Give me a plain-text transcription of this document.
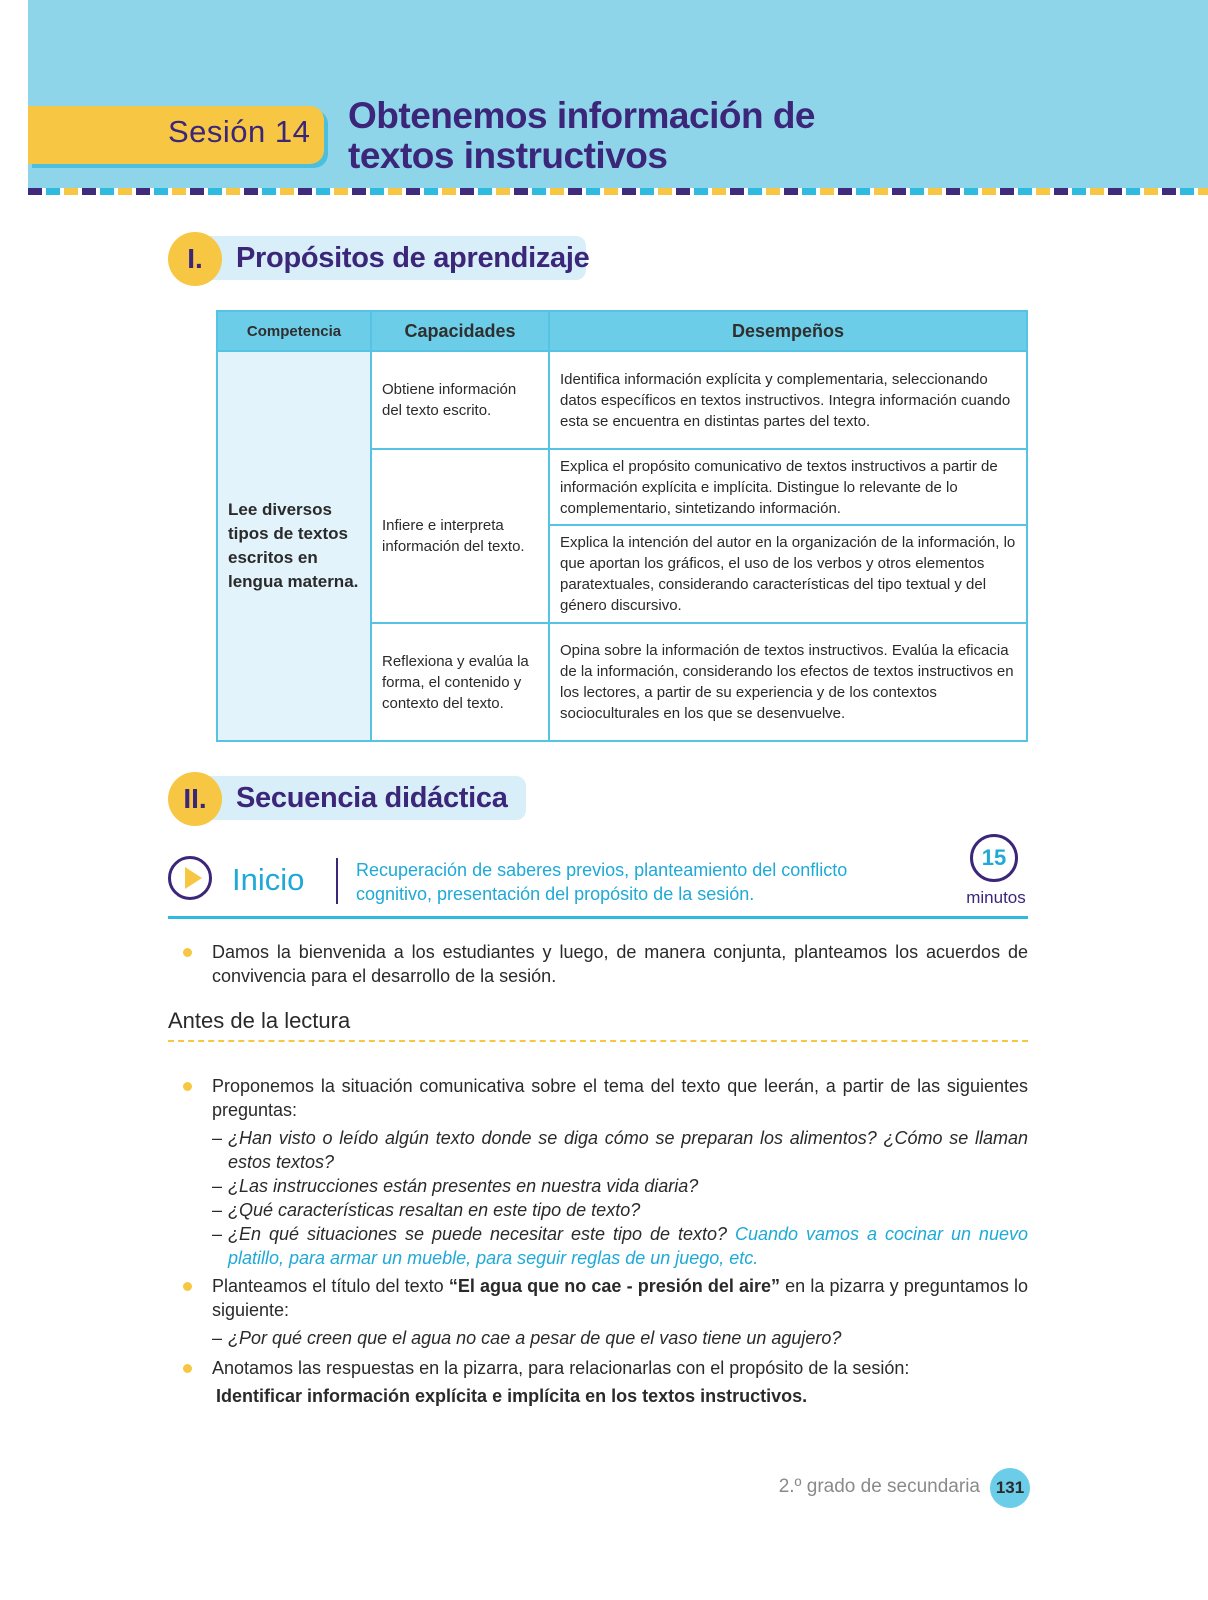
Sesión 14 Obtenemos información de
textos instructivos
I.	Propósitos de aprendizaje
Competencia	Capacidades	Desempeños
Lee diversos tipos de textos escritos en lengua materna.	Obtiene información del texto escrito.	Identifica información explícita y complementaria, seleccionando datos específicos en textos instructivos. Integra información cuando esta se encuentra en distintas partes del texto.
	Infiere e interpreta información del texto.	Explica el propósito comunicativo de textos instructivos a partir de información explícita e implícita. Distingue lo relevante de lo complementario, sintetizando información.
		Explica la intención del autor en la organización de la información, lo que aportan los gráficos, el uso de los verbos y otros elementos paratextuales, considerando características del tipo textual y del género discursivo.
	Reflexiona y evalúa la forma, el contenido y contexto del texto.	Opina sobre la información de textos instructivos. Evalúa la eficacia de la información, considerando los efectos de textos instructivos en los lectores, a partir de su experiencia y de los contextos socioculturales en los que se desenvuelve.
II.	Secuencia didáctica
Inicio	Recuperación de saberes previos, planteamiento del conflicto cognitivo, presentación del propósito de la sesión.
15
minutos
Damos la bienvenida a los estudiantes y luego, de manera conjunta, planteamos los acuerdos de convivencia para el desarrollo de la sesión.
Antes de la lectura
Proponemos la situación comunicativa sobre el tema del texto que leerán, a partir de las siguientes preguntas:
– ¿Han visto o leído algún texto donde se diga cómo se preparan los alimentos? ¿Cómo se llaman estos textos?
– ¿Las instrucciones están presentes en nuestra vida diaria?
– ¿Qué características resaltan en este tipo de texto?
– ¿En qué situaciones se puede necesitar este tipo de texto? Cuando vamos a cocinar un nuevo platillo, para armar un mueble, para seguir reglas de un juego, etc.
Planteamos el título del texto “El agua que no cae - presión del aire” en la pizarra y preguntamos lo siguiente:
– ¿Por qué creen que el agua no cae a pesar de que el vaso tiene un agujero?
Anotamos las respuestas en la pizarra, para relacionarlas con el propósito de la sesión:
Identificar información explícita e implícita en los textos instructivos.
2.º grado de secundaria 131
